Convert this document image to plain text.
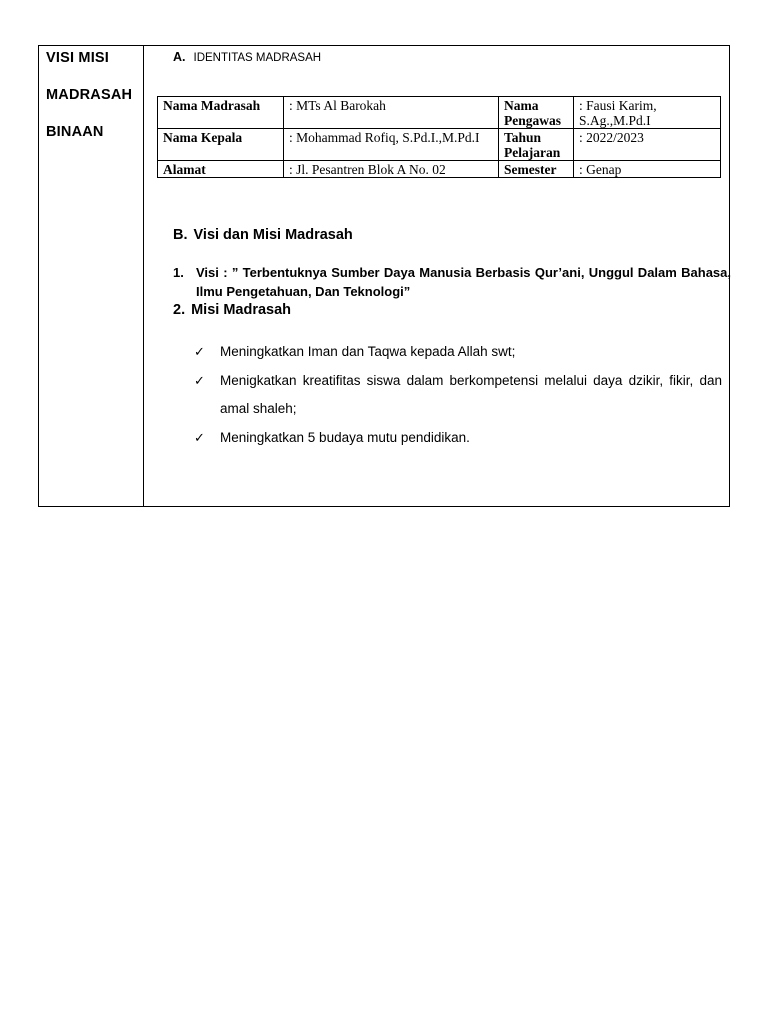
VISI MISI
MADRASAH
BINAAN
A. IDENTITAS MADRASAH
Nama Madrasah	: MTs Al Barokah	Nama Pengawas	: Fausi Karim, S.Ag.,M.Pd.I
Nama Kepala	: Mohammad Rofiq, S.Pd.I.,M.Pd.I	Tahun Pelajaran	: 2022/2023
Alamat	: Jl. Pesantren Blok A No. 02	Semester	: Genap
B. Visi dan Misi Madrasah
1. Visi : ” Terbentuknya Sumber Daya Manusia Berbasis Qur’ani, Unggul Dalam Bahasa, Ilmu Pengetahuan, Dan Teknologi”
2. Misi Madrasah
✓ Meningkatkan Iman dan Taqwa kepada Allah swt;
✓ Menigkatkan kreatifitas siswa dalam berkompetensi melalui daya dzikir, fikir, dan amal shaleh;
✓ Meningkatkan 5 budaya mutu pendidikan.
